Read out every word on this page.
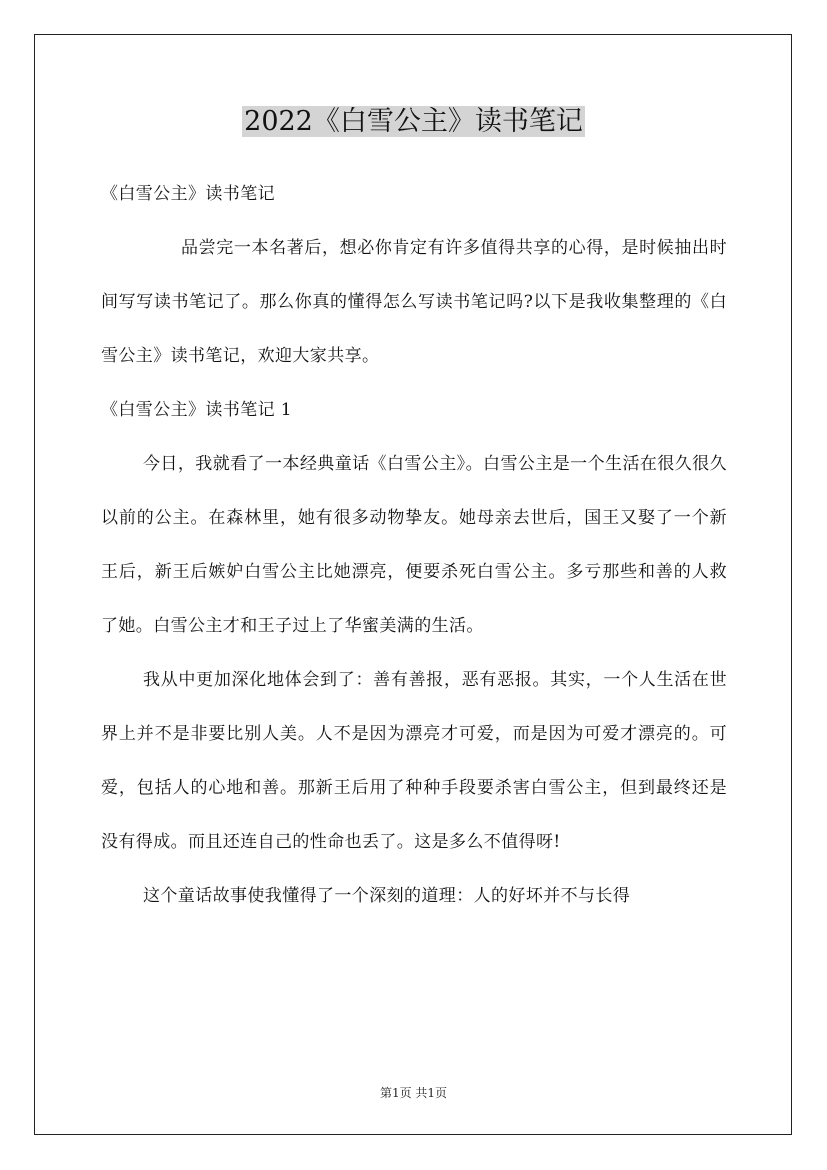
2022《白雪公主》读书笔记

《白雪公主》读书笔记

品尝完一本名著后，想必你肯定有许多值得共享的心得，是时候抽出时间写写读书笔记了。那么你真的懂得怎么写读书笔记吗?以下是我收集整理的《白雪公主》读书笔记，欢迎大家共享。

《白雪公主》读书笔记 1

今日，我就看了一本经典童话《白雪公主》。白雪公主是一个生活在很久很久以前的公主。在森林里，她有很多动物挚友。她母亲去世后，国王又娶了一个新王后，新王后嫉妒白雪公主比她漂亮，便要杀死白雪公主。多亏那些和善的人救了她。白雪公主才和王子过上了华蜜美满的生活。

我从中更加深化地体会到了：善有善报，恶有恶报。其实，一个人生活在世界上并不是非要比别人美。人不是因为漂亮才可爱，而是因为可爱才漂亮的。可爱，包括人的心地和善。那新王后用了种种手段要杀害白雪公主，但到最终还是没有得成。而且还连自己的性命也丢了。这是多么不值得呀!

这个童话故事使我懂得了一个深刻的道理：人的好坏并不与长得

第1页 共1页
